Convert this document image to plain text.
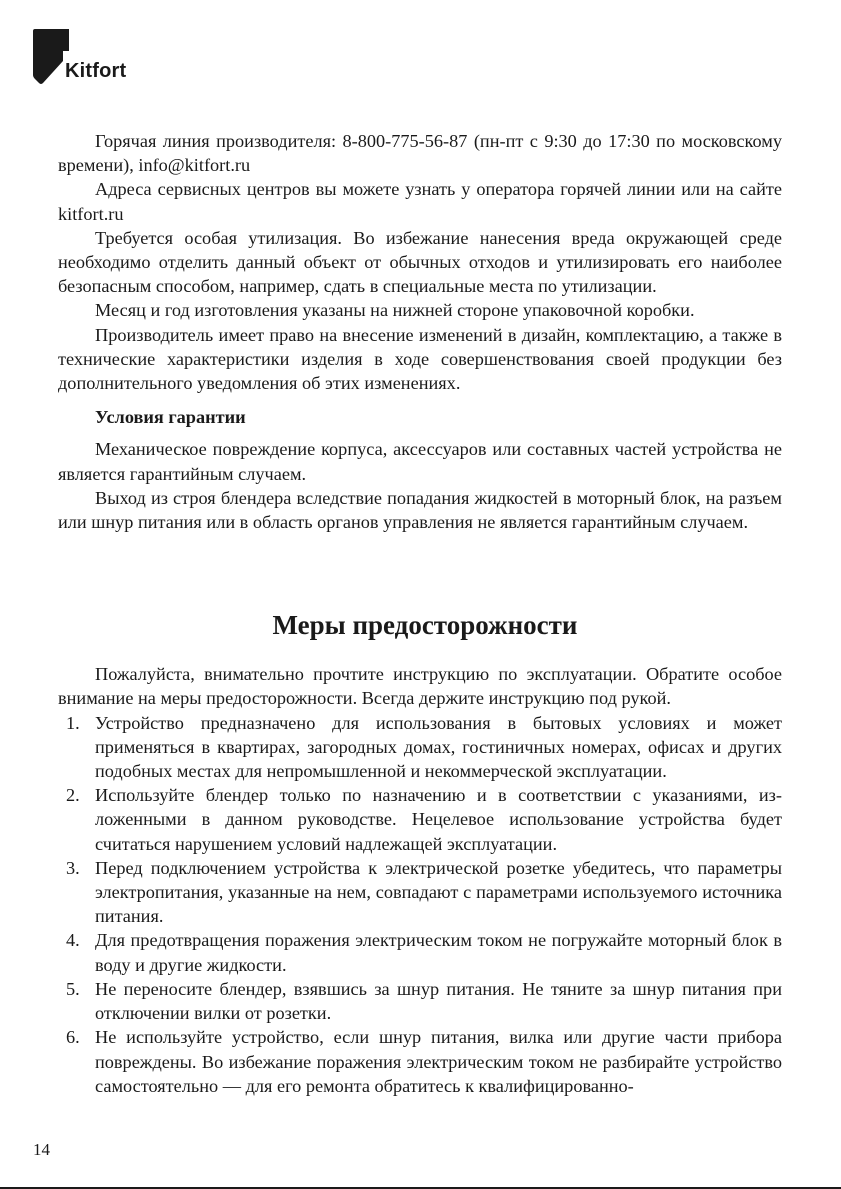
Kitfort

Горячая линия производителя: 8-800-775-56-87 (пн-пт с 9:30 до 17:30 по московскому времени), info@kitfort.ru

Адреса сервисных центров вы можете узнать у оператора горячей линии или на сайте kitfort.ru

Требуется особая утилизация. Во избежание нанесения вреда окружающей среде необходимо отделить данный объект от обычных отходов и утилизировать его наиболее безопасным способом, например, сдать в специальные места по утилизации.

Месяц и год изготовления указаны на нижней стороне упаковочной коробки.

Производитель имеет право на внесение изменений в дизайн, комплектацию, а также в технические характеристики изделия в ходе совершенствования своей продукции без дополнительного уведомления об этих изменениях.

Условия гарантии

Механическое повреждение корпуса, аксессуаров или составных частей устройства не является гарантийным случаем.

Выход из строя блендера вследствие попадания жидкостей в моторный блок, на разъем или шнур питания или в область органов управления не является гарантийным случаем.

Меры предосторожности

Пожалуйста, внимательно прочтите инструкцию по эксплуатации. Обратите особое внимание на меры предосторожности. Всегда держите инструкцию под рукой.

1. Устройство предназначено для использования в бытовых условиях и может применяться в квартирах, загородных домах, гостиничных номерах, офисах и других подобных местах для непромышленной и некоммерческой эксплуатации.
2. Используйте блендер только по назначению и в соответствии с указаниями, изложенными в данном руководстве. Нецелевое использование устройства будет считаться нарушением условий надлежащей эксплуатации.
3. Перед подключением устройства к электрической розетке убедитесь, что параметры электропитания, указанные на нем, совпадают с параметрами используемого источника питания.
4. Для предотвращения поражения электрическим током не погружайте моторный блок в воду и другие жидкости.
5. Не переносите блендер, взявшись за шнур питания. Не тяните за шнур питания при отключении вилки от розетки.
6. Не используйте устройство, если шнур питания, вилка или другие части прибора повреждены. Во избежание поражения электрическим током не разбирайте устройство самостоятельно — для его ремонта обратитесь к квалифицированно-
14
